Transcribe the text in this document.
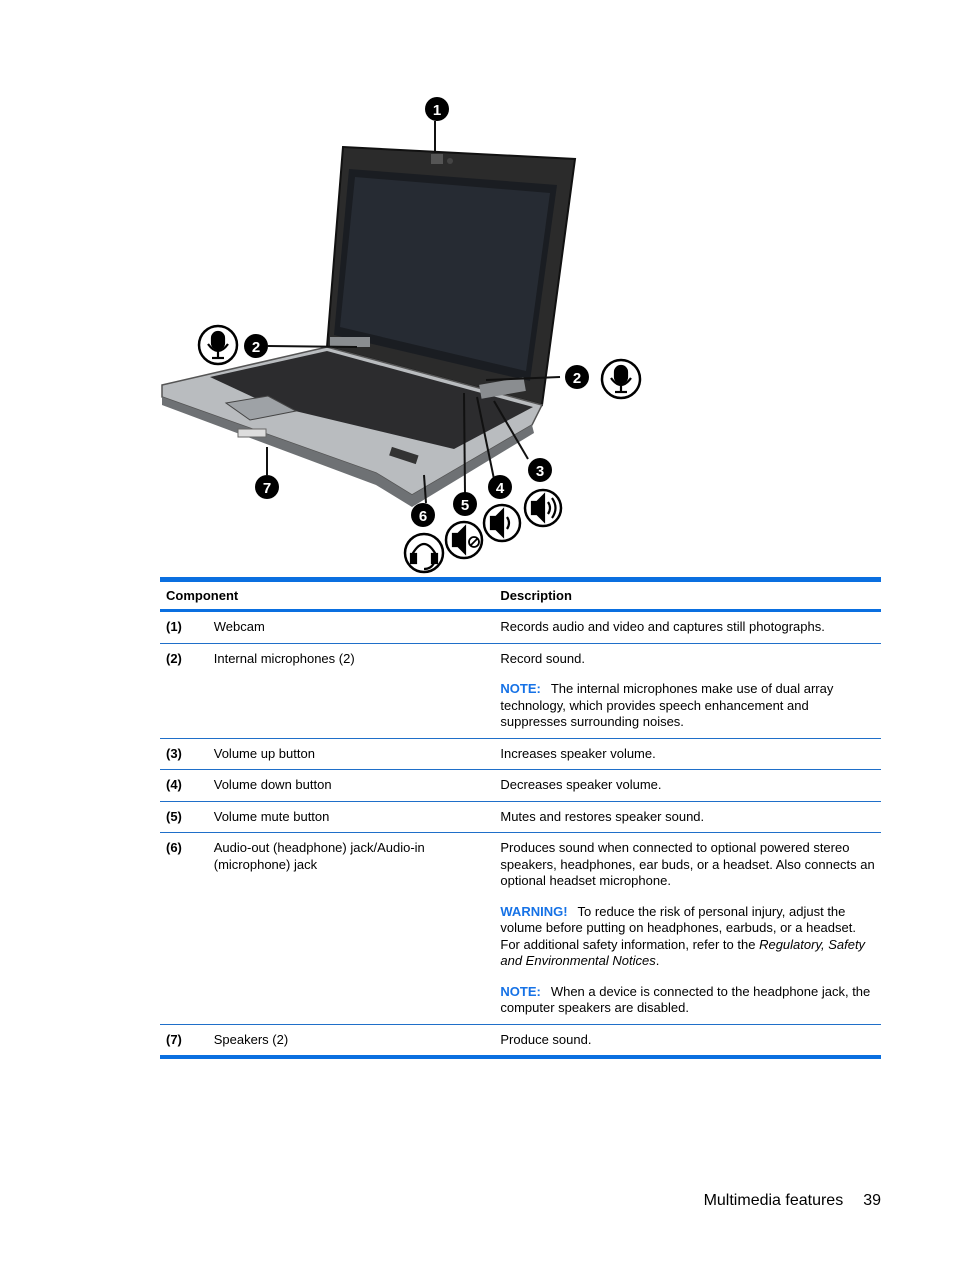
1
2
2
3
4
5
6
7
Component		Description
(1)	Webcam	Records audio and video and captures still photographs.

(2)	Internal microphones (2)	Record sound.

NOTE: The internal microphones make use of dual array technology, which provides speech enhancement and suppresses surrounding noises.

(3)	Volume up button	Increases speaker volume.

(4)	Volume down button	Decreases speaker volume.

(5)	Volume mute button	Mutes and restores speaker sound.

(6)	Audio-out (headphone) jack/Audio-in (microphone) jack	Produces sound when connected to optional powered stereo speakers, headphones, ear buds, or a headset. Also connects an optional headset microphone.

WARNING! To reduce the risk of personal injury, adjust the volume before putting on headphones, earbuds, or a headset. For additional safety information, refer to the Regulatory, Safety and Environmental Notices.

NOTE: When a device is connected to the headphone jack, the computer speakers are disabled.

(7)	Speakers (2)	Produce sound.

Multimedia features 39
